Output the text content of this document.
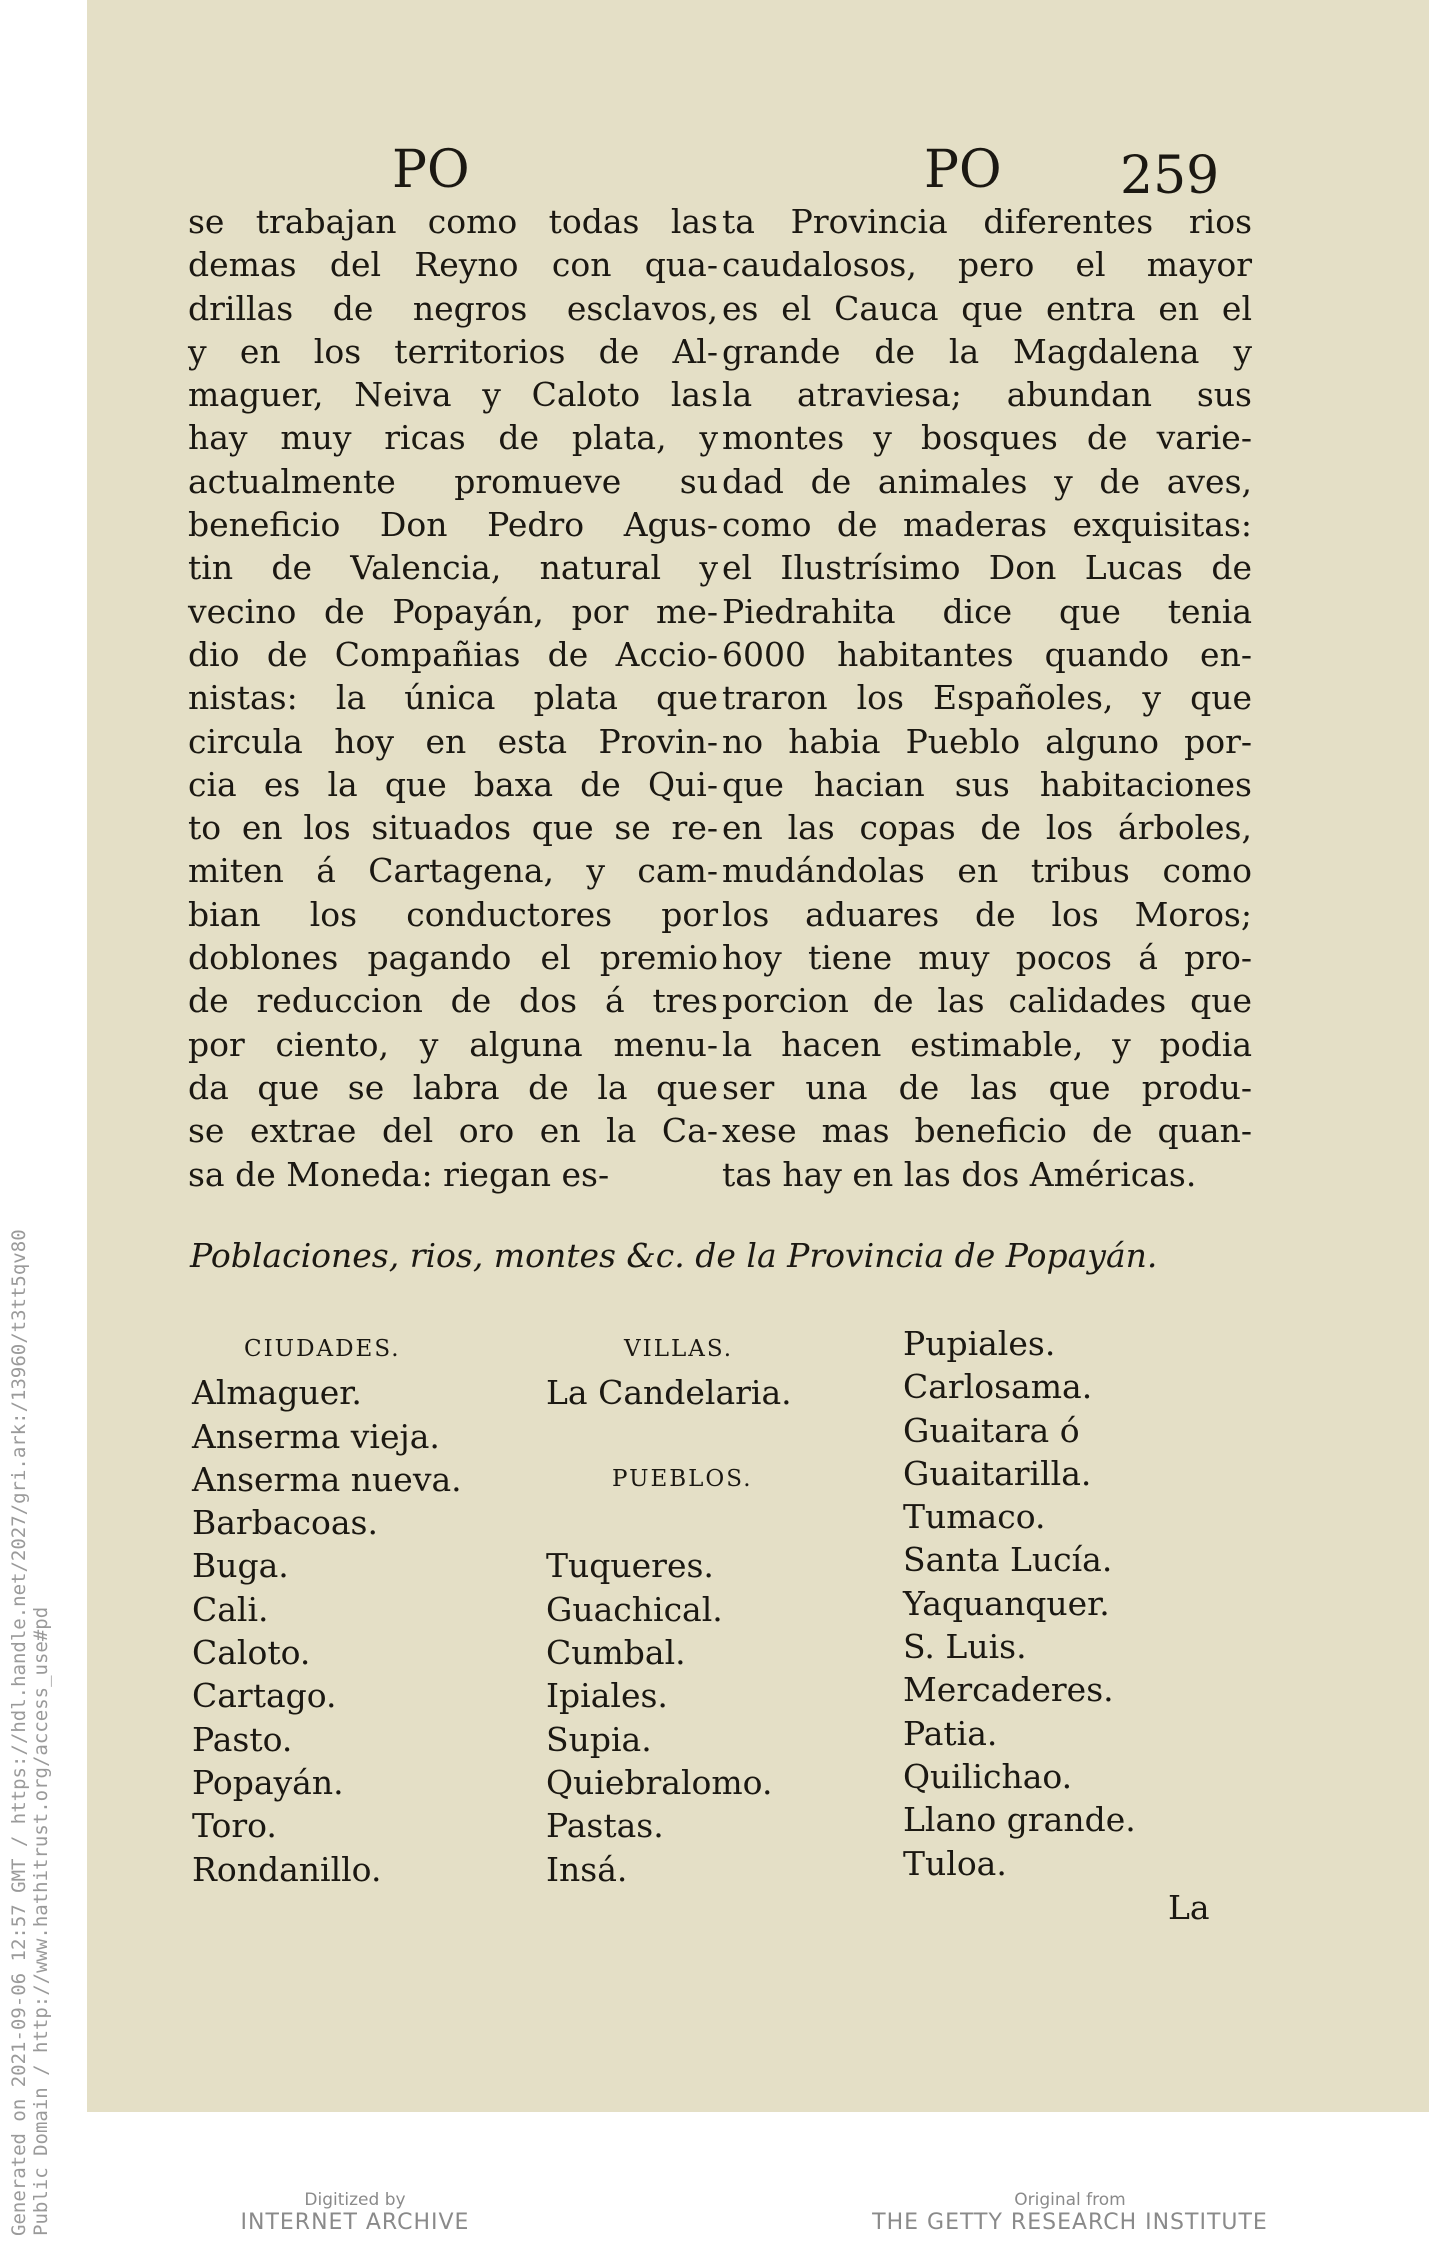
Generated on 2021-09-06 12:57 GMT / https://hdl.handle.net/2027/gri.ark:/13960/t3tt5qv80 Public Domain / http://www.hathitrust.org/access_use#pd
PO	PO 259
se trabajan como todas las
demas del Reyno con qua-
drillas de negros esclavos,
y en los territorios de Al-
maguer, Neiva y Caloto las
hay muy ricas de plata, y
actualmente promueve su
beneficio Don Pedro Agus-
tin de Valencia, natural y
vecino de Popayán, por me-
dio de Compañias de Accio-
nistas: la única plata que
circula hoy en esta Provin-
cia es la que baxa de Qui-
to en los situados que se re-
miten á Cartagena, y cam-
bian los conductores por
doblones pagando el premio
de reduccion de dos á tres
por ciento, y alguna menu-
da que se labra de la que
se extrae del oro en la Ca-
sa de Moneda: riegan es-
ta Provincia diferentes rios
caudalosos, pero el mayor
es el Cauca que entra en el
grande de la Magdalena y
la atraviesa; abundan sus
montes y bosques de varie-
dad de animales y de aves,
como de maderas exquisitas:
el Ilustrísimo Don Lucas de
Piedrahita dice que tenia
6000 habitantes quando en-
traron los Españoles, y que
no habia Pueblo alguno por-
que hacian sus habitaciones
en las copas de los árboles,
mudándolas en tribus como
los aduares de los Moros;
hoy tiene muy pocos á pro-
porcion de las calidades que
la hacen estimable, y podia
ser una de las que produ-
xese mas beneficio de quan-
tas hay en las dos Américas.
Poblaciones, rios, montes &c. de la Provincia de Popayán.
CIUDADES.
Almaguer.
Anserma vieja.
Anserma nueva.
Barbacoas.
Buga.
Cali.
Caloto.
Cartago.
Pasto.
Popayán.
Toro.
Rondanillo.
VILLAS.
La Candelaria.

PUEBLOS.

Tuqueres.
Guachical.
Cumbal.
Ipiales.
Supia.
Quiebralomo.
Pastas.
Insá.
Pupiales.
Carlosama.
Guaitara ó
Guaitarilla.
Tumaco.
Santa Lucía.
Yaquanquer.
S. Luis.
Mercaderes.
Patia.
Quilichao.
Llano grande.
Tuloa.
La
Digitized by
INTERNET ARCHIVE
Original from
THE GETTY RESEARCH INSTITUTE
